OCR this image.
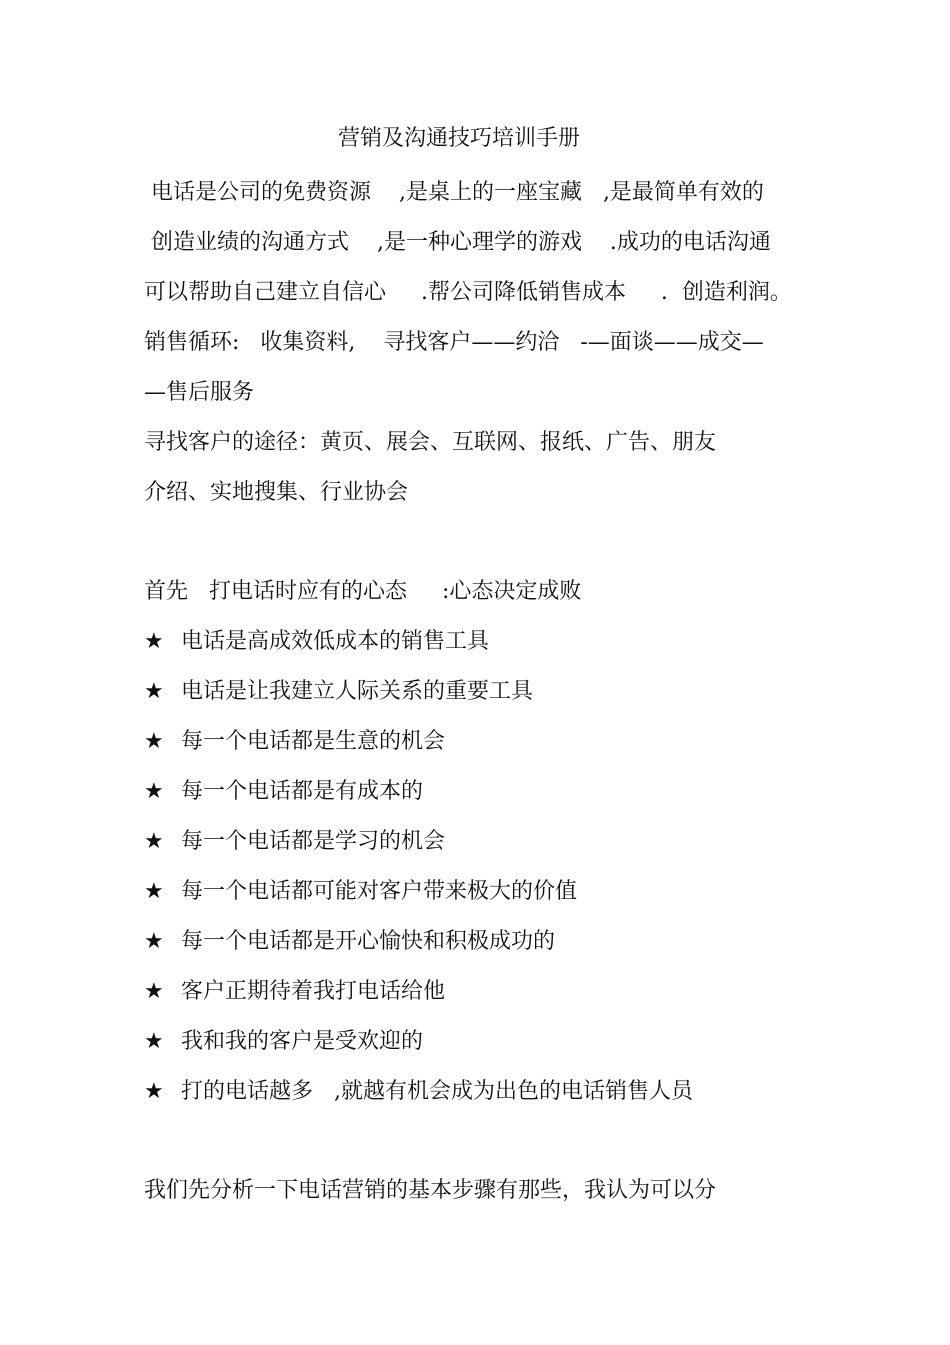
营销及沟通技巧培训手册
电话是公司的免费资源    ,是桌上的一座宝藏   ,是最简单有效的
创造业绩的沟通方式    ,是一种心理学的游戏    .成功的电话沟通
可以帮助自己建立自信心     .帮公司降低销售成本     .  创造利润。
销售循环:   收集资料,    寻找客户——约洽   -—面谈——成交—
—售后服务
寻找客户的途径：黄页、展会、互联网、报纸、广告、朋友
介绍、实地搜集、行业协会
首先   打电话时应有的心态     :心态决定成败
★ 电话是高成效低成本的销售工具
★ 电话是让我建立人际关系的重要工具
★ 每一个电话都是生意的机会
★ 每一个电话都是有成本的
★ 每一个电话都是学习的机会
★ 每一个电话都可能对客户带来极大的价值
★ 每一个电话都是开心愉快和积极成功的
★ 客户正期待着我打电话给他
★ 我和我的客户是受欢迎的
★ 打的电话越多   ,就越有机会成为出色的电话销售人员
我们先分析一下电话营销的基本步骤有那些，我认为可以分
